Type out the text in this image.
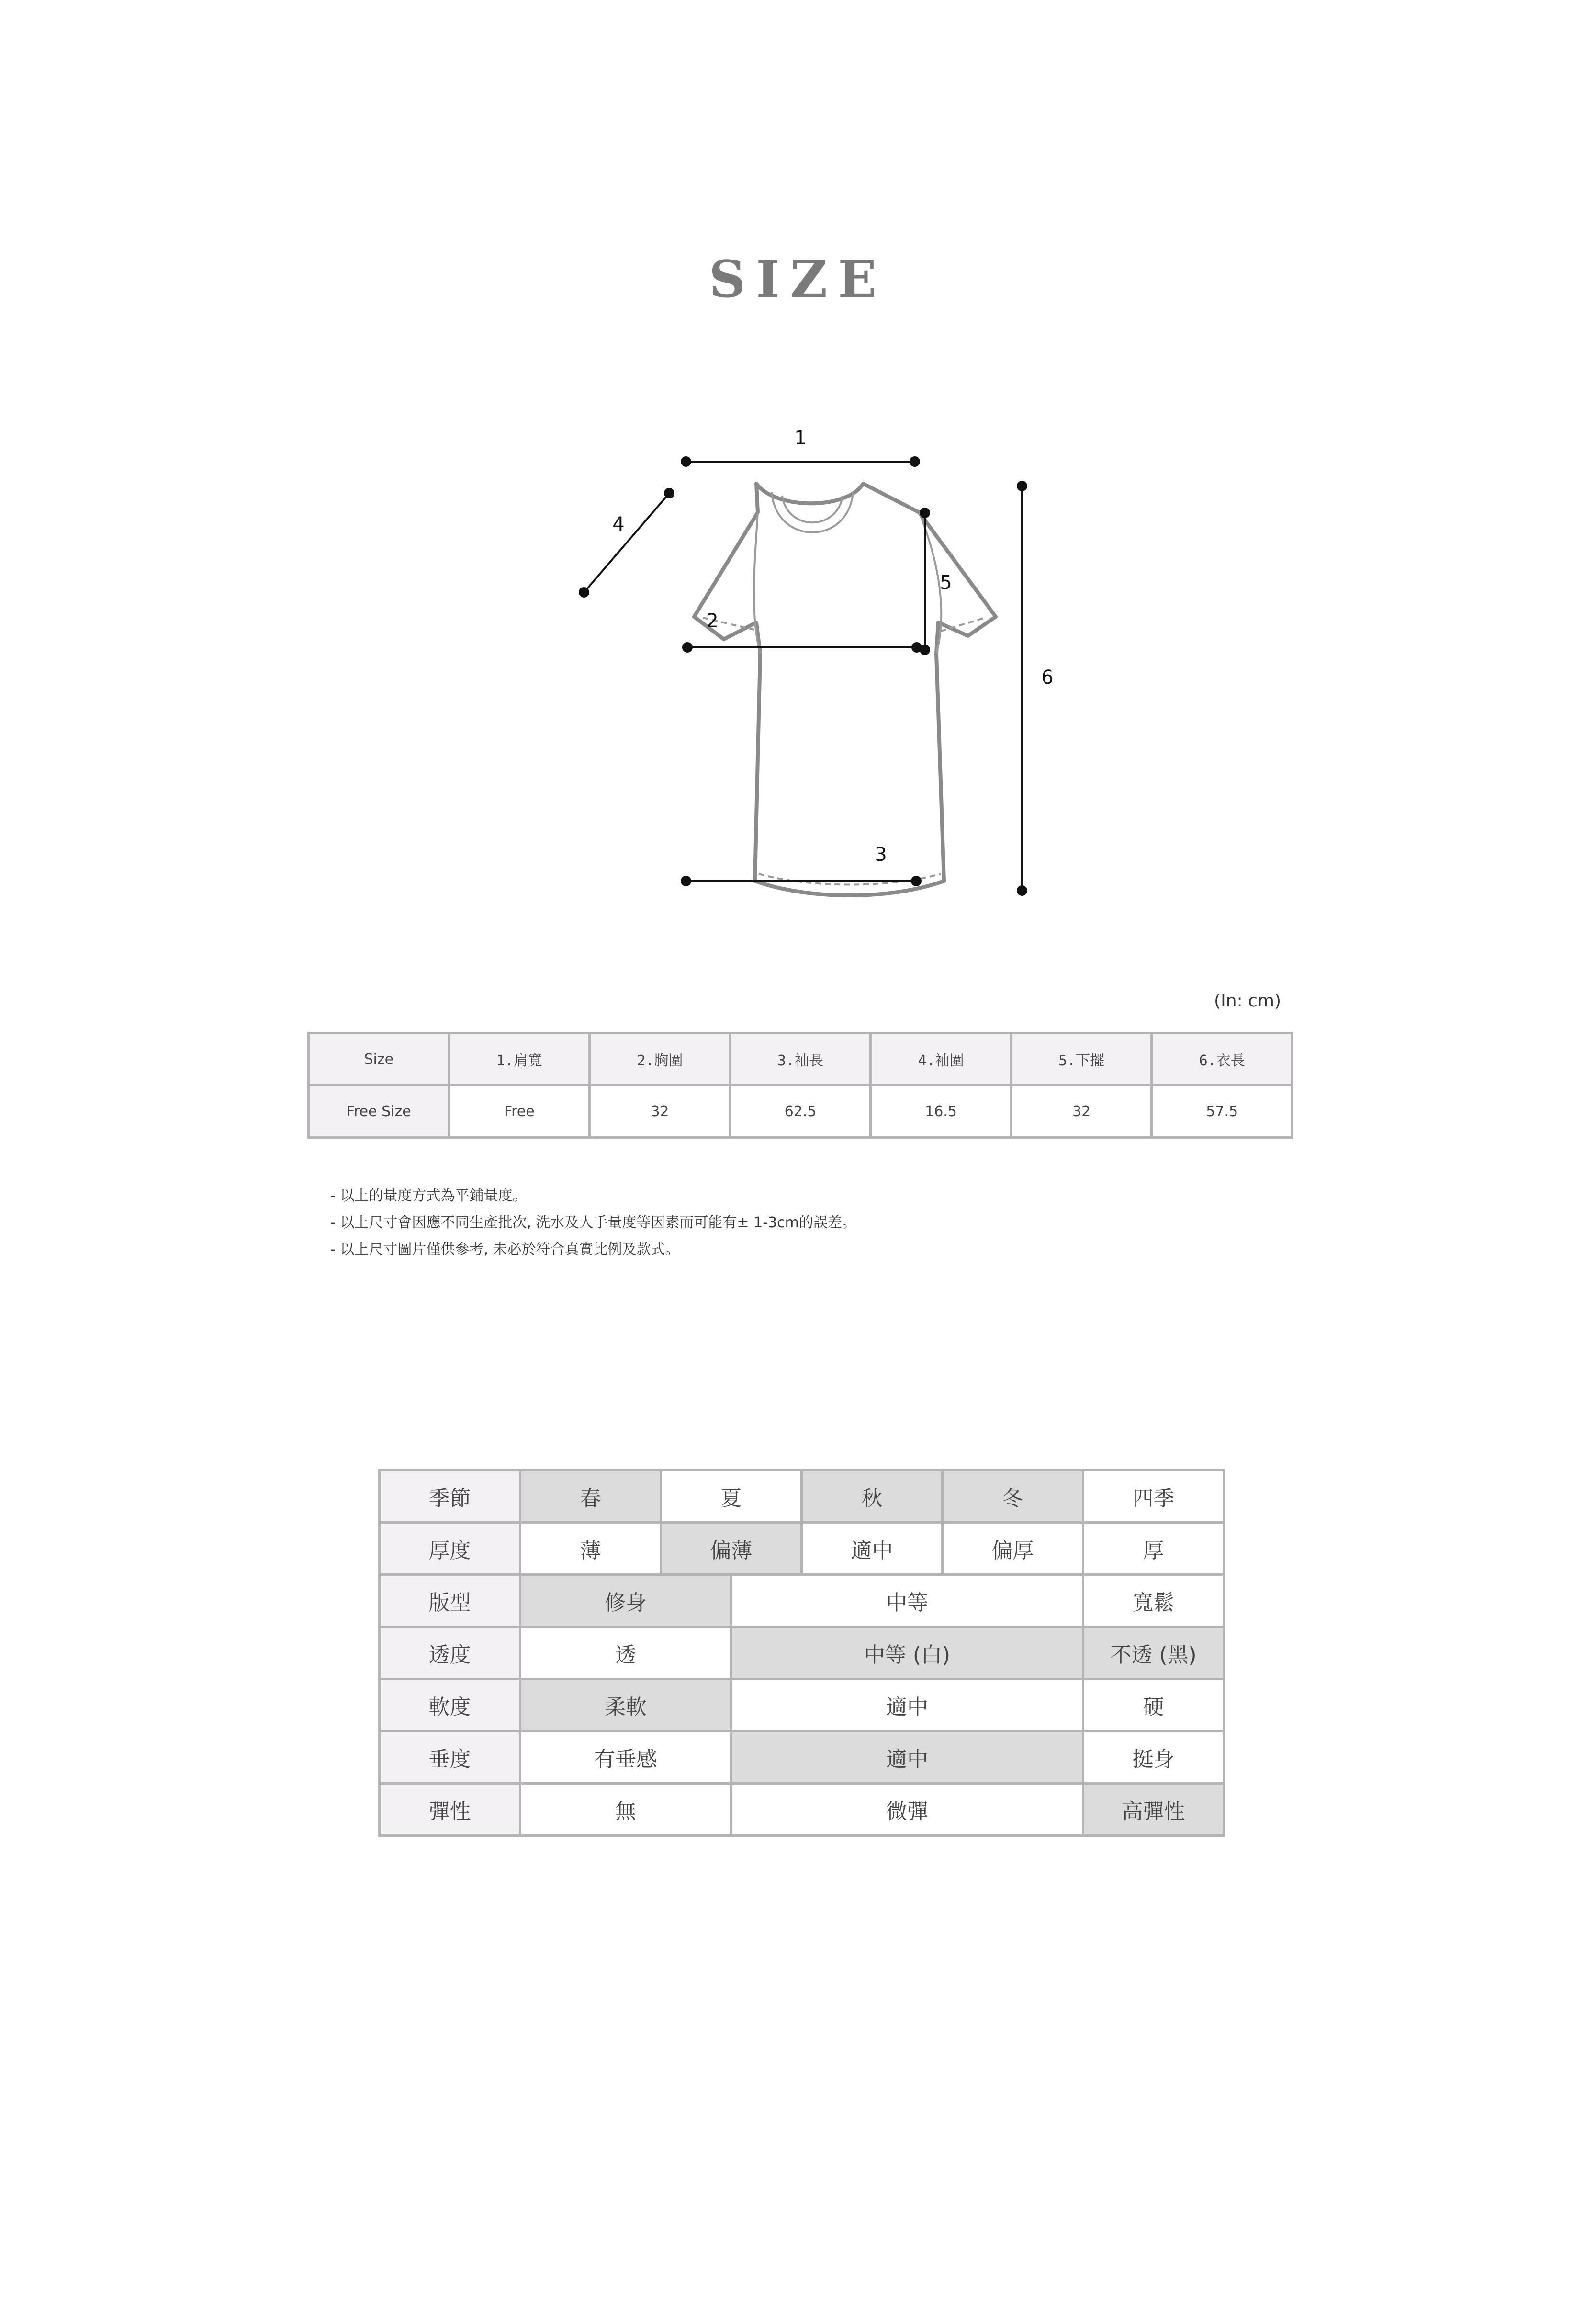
SIZE
1
2
3
4
5
6
(In: cm)
Size	1.肩寬	2.胸圍	3.袖長	4.袖圍	5.下擺	6.衣長
Free Size	Free	32	62.5	16.5	32	57.5
- 以上的量度方式為平鋪量度。
- 以上尺寸會因應不同生產批次, 洗水及人手量度等因素而可能有± 1-3cm的誤差。
- 以上尺寸圖片僅供參考, 未必於符合真實比例及款式。
季節	春	夏		秋	冬	四季
厚度	薄	偏薄		適中	偏厚	厚
版型	修身		中等			寬鬆
透度	透		中等 (白)			不透 (黑)
軟度	柔軟		適中			硬
垂度	有垂感		適中			挺身
彈性	無		微彈			高彈性
